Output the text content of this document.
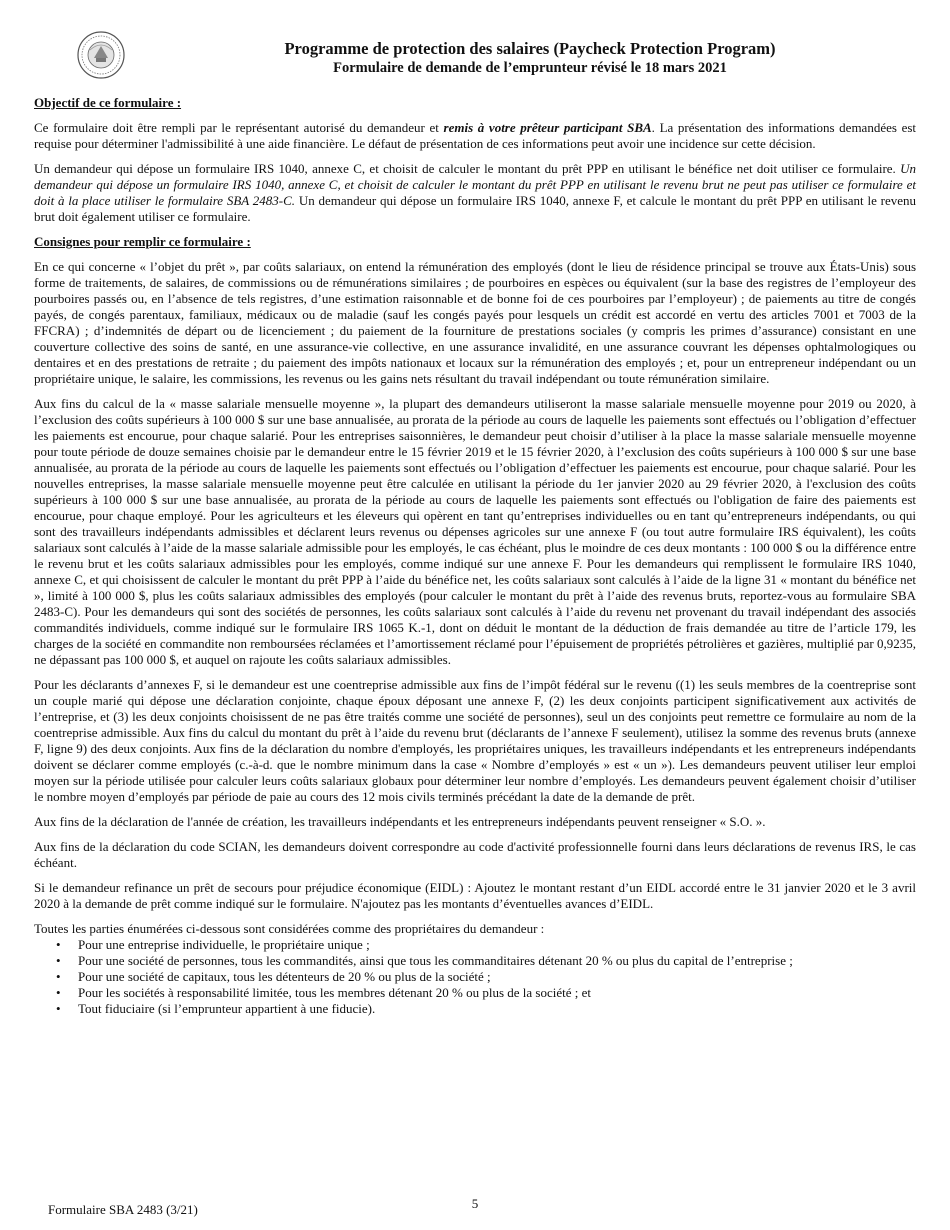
Programme de protection des salaires (Paycheck Protection Program)
Formulaire de demande de l’emprunteur révisé le 18 mars 2021
Objectif de ce formulaire :

Ce formulaire doit être rempli par le représentant autorisé du demandeur et remis à votre prêteur participant SBA. La présentation des informations demandées est requise pour déterminer l'admissibilité à une aide financière. Le défaut de présentation de ces informations peut avoir une incidence sur cette décision.

Un demandeur qui dépose un formulaire IRS 1040, annexe C, et choisit de calculer le montant du prêt PPP en utilisant le bénéfice net doit utiliser ce formulaire. Un demandeur qui dépose un formulaire IRS 1040, annexe C, et choisit de calculer le montant du prêt PPP en utilisant le revenu brut ne peut pas utiliser ce formulaire et doit à la place utiliser le formulaire SBA 2483-C. Un demandeur qui dépose un formulaire IRS 1040, annexe F, et calcule le montant du prêt PPP en utilisant le revenu brut doit également utiliser ce formulaire.

Consignes pour remplir ce formulaire :

En ce qui concerne « l’objet du prêt », par coûts salariaux, on entend la rémunération des employés (dont le lieu de résidence principal se trouve aux États-Unis) sous forme de traitements, de salaires, de commissions ou de rémunérations similaires ; de pourboires en espèces ou équivalent (sur la base des registres de l’employeur des pourboires passés ou, en l’absence de tels registres, d’une estimation raisonnable et de bonne foi de ces pourboires par l’employeur) ; de paiements au titre de congés payés, de congés parentaux, familiaux, médicaux ou de maladie (sauf les congés payés pour lesquels un crédit est accordé en vertu des articles 7001 et 7003 de la FFCRA) ; d’indemnités de départ ou de licenciement ; du paiement de la fourniture de prestations sociales (y compris les primes d’assurance) consistant en une couverture collective des soins de santé, en une assurance-vie collective, en une assurance invalidité, en une assurance couvrant les dépenses ophtalmologiques ou dentaires et en des prestations de retraite ; du paiement des impôts nationaux et locaux sur la rémunération des employés ; et, pour un entrepreneur indépendant ou un propriétaire unique, le salaire, les commissions, les revenus ou les gains nets résultant du travail indépendant ou toute rémunération similaire.

Aux fins du calcul de la « masse salariale mensuelle moyenne », la plupart des demandeurs utiliseront la masse salariale mensuelle moyenne pour 2019 ou 2020, à l’exclusion des coûts supérieurs à 100 000 $ sur une base annualisée, au prorata de la période au cours de laquelle les paiements sont effectués ou l’obligation d’effectuer les paiements est encourue, pour chaque salarié. Pour les entreprises saisonnières, le demandeur peut choisir d’utiliser à la place la masse salariale mensuelle moyenne pour toute période de douze semaines choisie par le demandeur entre le 15 février 2019 et le 15 février 2020, à l’exclusion des coûts supérieurs à 100 000 $ sur une base annualisée, au prorata de la période au cours de laquelle les paiements sont effectués ou l’obligation d’effectuer les paiements est encourue, pour chaque salarié. Pour les nouvelles entreprises, la masse salariale mensuelle moyenne peut être calculée en utilisant la période du 1er janvier 2020 au 29 février 2020, à l'exclusion des coûts supérieurs à 100 000 $ sur une base annualisée, au prorata de la période au cours de laquelle les paiements sont effectués ou l'obligation de faire des paiements est encourue, pour chaque employé. Pour les agriculteurs et les éleveurs qui opèrent en tant qu’entreprises individuelles ou en tant qu’entrepreneurs indépendants, ou qui sont des travailleurs indépendants admissibles et déclarent leurs revenus ou dépenses agricoles sur une annexe F (ou tout autre formulaire IRS équivalent), les coûts salariaux sont calculés à l’aide de la masse salariale admissible pour les employés, le cas échéant, plus le moindre de ces deux montants : 100 000 $ ou la différence entre le revenu brut et les coûts salariaux admissibles pour les employés, comme indiqué sur une annexe F. Pour les demandeurs qui remplissent le formulaire IRS 1040, annexe C, et qui choisissent de calculer le montant du prêt PPP à l’aide du bénéfice net, les coûts salariaux sont calculés à l’aide de la ligne 31 « montant du bénéfice net », limité à 100 000 $, plus les coûts salariaux admissibles des employés (pour calculer le montant du prêt à l’aide des revenus bruts, reportez-vous au formulaire SBA 2483-C). Pour les demandeurs qui sont des sociétés de personnes, les coûts salariaux sont calculés à l’aide du revenu net provenant du travail indépendant des associés commandités individuels, comme indiqué sur le formulaire IRS 1065 K.-1, dont on déduit le montant de la déduction de frais demandée au titre de l’article 179, les charges de la société en commandite non remboursées réclamées et l’amortissement réclamé pour l’épuisement de propriétés pétrolières et gazières, multiplié par 0,9235, ne dépassant pas 100 000 $, et auquel on rajoute les coûts salariaux admissibles.

Pour les déclarants d’annexes F, si le demandeur est une coentreprise admissible aux fins de l’impôt fédéral sur le revenu ((1) les seuls membres de la coentreprise sont un couple marié qui dépose une déclaration conjointe, chaque époux déposant une annexe F, (2) les deux conjoints participent significativement aux activités de l’entreprise, et (3) les deux conjoints choisissent de ne pas être traités comme une société de personnes), seul un des conjoints peut remettre ce formulaire au nom de la coentreprise admissible. Aux fins du calcul du montant du prêt à l’aide du revenu brut (déclarants de l’annexe F seulement), utilisez la somme des revenus bruts (annexe F, ligne 9) des deux conjoints. Aux fins de la déclaration du nombre d'employés, les propriétaires uniques, les travailleurs indépendants et les entrepreneurs indépendants doivent se déclarer comme employés (c.-à-d. que le nombre minimum dans la case « Nombre d’employés » est « un »). Les demandeurs peuvent utiliser leur emploi moyen sur la période utilisée pour calculer leurs coûts salariaux globaux pour déterminer leur nombre d’employés. Les demandeurs peuvent également choisir d’utiliser le nombre moyen d’employés par période de paie au cours des 12 mois civils terminés précédant la date de la demande de prêt.

Aux fins de la déclaration de l'année de création, les travailleurs indépendants et les entrepreneurs indépendants peuvent renseigner « S.O. ».

Aux fins de la déclaration du code SCIAN, les demandeurs doivent correspondre au code d'activité professionnelle fourni dans leurs déclarations de revenus IRS, le cas échéant.

Si le demandeur refinance un prêt de secours pour préjudice économique (EIDL) : Ajoutez le montant restant d’un EIDL accordé entre le 31 janvier 2020 et le 3 avril 2020 à la demande de prêt comme indiqué sur le formulaire. N'ajoutez pas les montants d’éventuelles avances d’EIDL.

Toutes les parties énumérées ci-dessous sont considérées comme des propriétaires du demandeur :

• Pour une entreprise individuelle, le propriétaire unique ;
• Pour une société de personnes, tous les commandités, ainsi que tous les commanditaires détenant 20 % ou plus du capital de l’entreprise ;
• Pour une société de capitaux, tous les détenteurs de 20 % ou plus de la société ;
• Pour les sociétés à responsabilité limitée, tous les membres détenant 20 % ou plus de la société ; et
• Tout fiduciaire (si l’emprunteur appartient à une fiducie).
Formulaire SBA 2483 (3/21)	5
